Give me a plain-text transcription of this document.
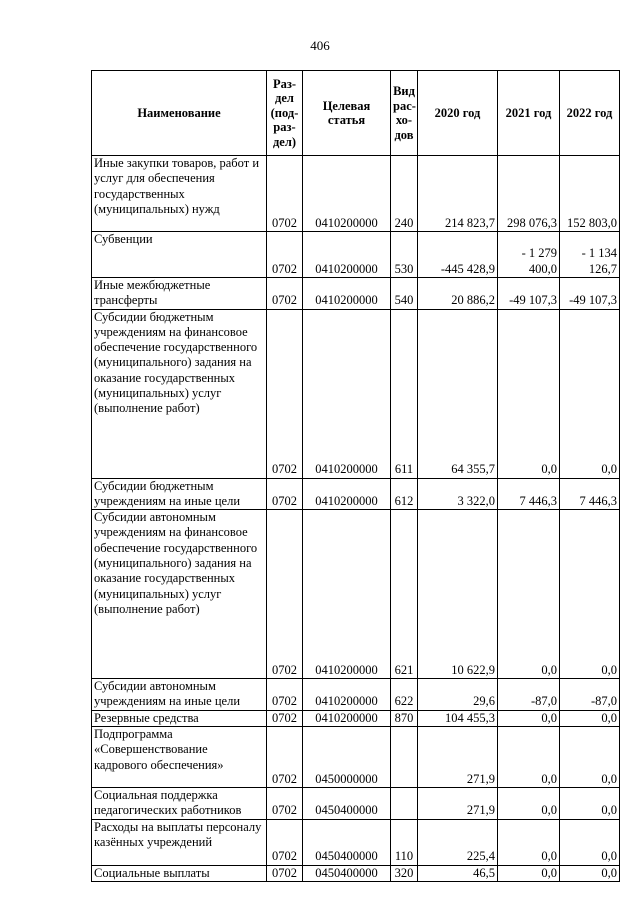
406
Наименование	Раз-дел (под-раз-дел)	Целевая статья	Вид рас-хо-дов	2020 год	2021 год	2022 год
Иные закупки товаров, работ и услуг для обеспечения государственных (муниципальных) нужд	0702	0410200000	240	214 823,7	298 076,3	152 803,0
Субвенции	0702	0410200000	530	-445 428,9	- 1 279 400,0	- 1 134 126,7
Иные межбюджетные трансферты	0702	0410200000	540	20 886,2	-49 107,3	-49 107,3
Субсидии бюджетным учреждениям на финансовое обеспечение государственного (муниципального) задания на оказание государственных (муниципальных) услуг (выполнение работ)	0702	0410200000	611	64 355,7	0,0	0,0
Субсидии бюджетным учреждениям на иные цели	0702	0410200000	612	3 322,0	7 446,3	7 446,3
Субсидии автономным учреждениям на финансовое обеспечение государственного (муниципального) задания на оказание государственных (муниципальных) услуг (выполнение работ)	0702	0410200000	621	10 622,9	0,0	0,0
Субсидии автономным учреждениям на иные цели	0702	0410200000	622	29,6	-87,0	-87,0
Резервные средства	0702	0410200000	870	104 455,3	0,0	0,0
Подпрограмма «Совершенствование кадрового обеспечения»	0702	0450000000		271,9	0,0	0,0
Социальная поддержка педагогических работников	0702	0450400000		271,9	0,0	0,0
Расходы на выплаты персоналу казённых учреждений	0702	0450400000	110	225,4	0,0	0,0
Социальные выплаты	0702	0450400000	320	46,5	0,0	0,0
